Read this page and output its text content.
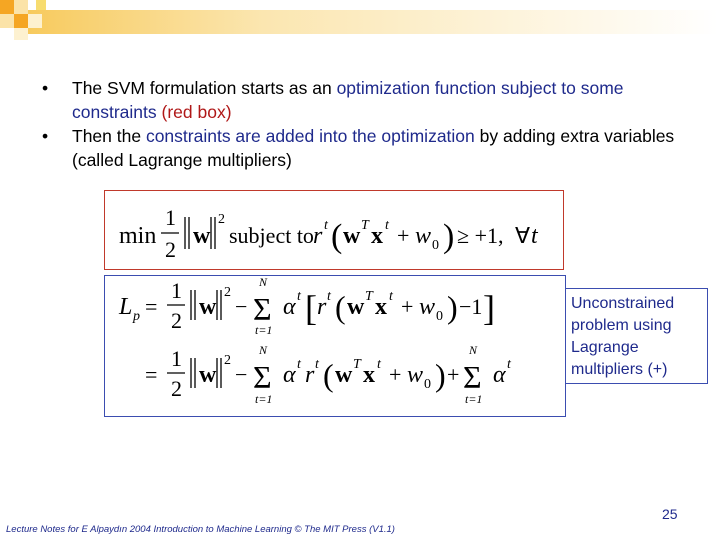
• The SVM formulation starts as an optimization function subject to some constraints (red box)
• Then the constraints are added into the optimization by adding extra variables (called Lagrange multipliers)
min
1
2
w
2
subject to r t ( w T x t + w 0 ) ≥ +1, ∀ t
L p =
1
2
w
2
−
N
Σ
t=1
α t [ r t ( w T x t + w 0 ) −1 ]
=
1
2
w
2
−
N
Σ
t=1
α t r t ( w T x t + w 0 ) +
N
Σ
t=1
α t
Unconstrained problem using Lagrange multipliers (+)
25
Lecture Notes for E Alpaydın 2004 Introduction to Machine Learning © The MIT Press (V1.1)
